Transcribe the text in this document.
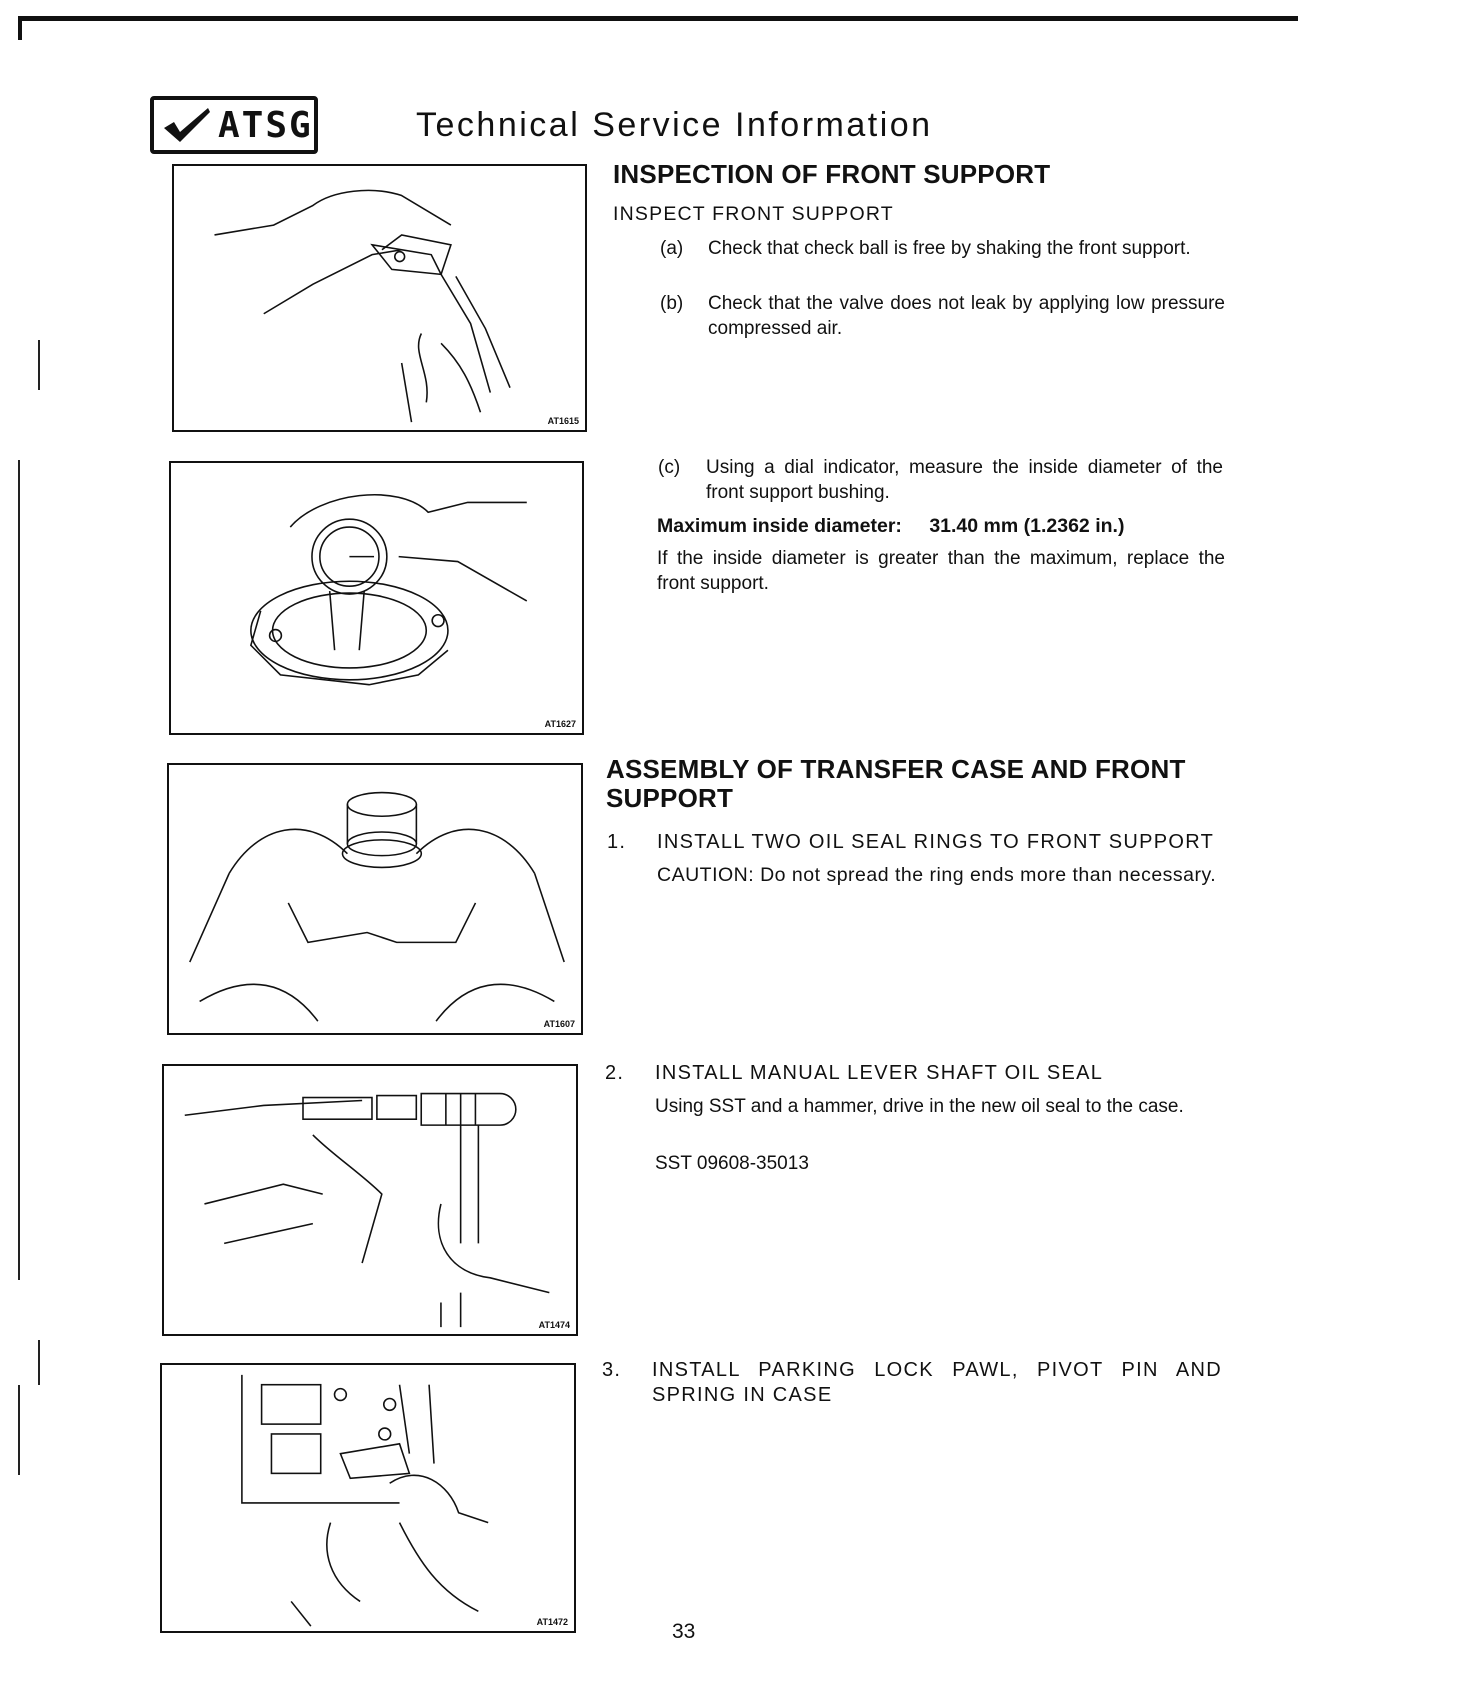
ATSG	Technical Service Information
AT1615
AT1627
AT1607
AT1474
AT1472
INSPECTION OF FRONT SUPPORT
INSPECT FRONT SUPPORT
(a)	Check that check ball is free by shaking the front support.
(b)	Check that the valve does not leak by applying low pressure compressed air.
(c)	Using a dial indicator, measure the inside diameter of the front support bushing.
Maximum inside diameter: 31.40 mm (1.2362 in.)
If the inside diameter is greater than the maximum, replace the front support.
ASSEMBLY OF TRANSFER CASE AND FRONT SUPPORT
1.	INSTALL TWO OIL SEAL RINGS TO FRONT SUPPORT
CAUTION: Do not spread the ring ends more than necessary.
2.	INSTALL MANUAL LEVER SHAFT OIL SEAL
Using SST and a hammer, drive in the new oil seal to the case.
SST 09608-35013
3.	INSTALL PARKING LOCK PAWL, PIVOT PIN AND SPRING IN CASE
33
